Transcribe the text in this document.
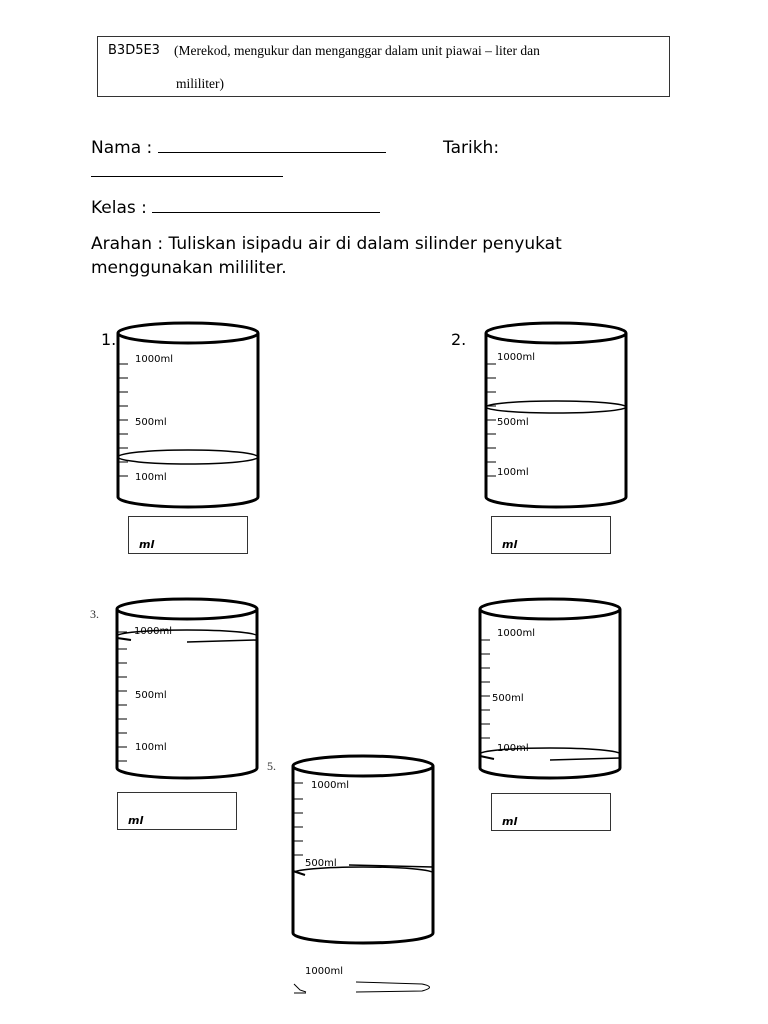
B3D5E3 (Merekod, mengukur dan menganggar dalam unit piawai – liter dan
mililiter)
Nama :	Tarikh:
Kelas :
Arahan : Tuliskan isipadu air di dalam silinder penyukat menggunakan mililiter.
1.	2.
3.
5.
1000ml
500ml
100ml
ml
1000ml
500ml
100ml
ml
1000ml
500ml
100ml
ml
1000ml
500ml
100ml
ml
1000ml
500ml
1000ml
